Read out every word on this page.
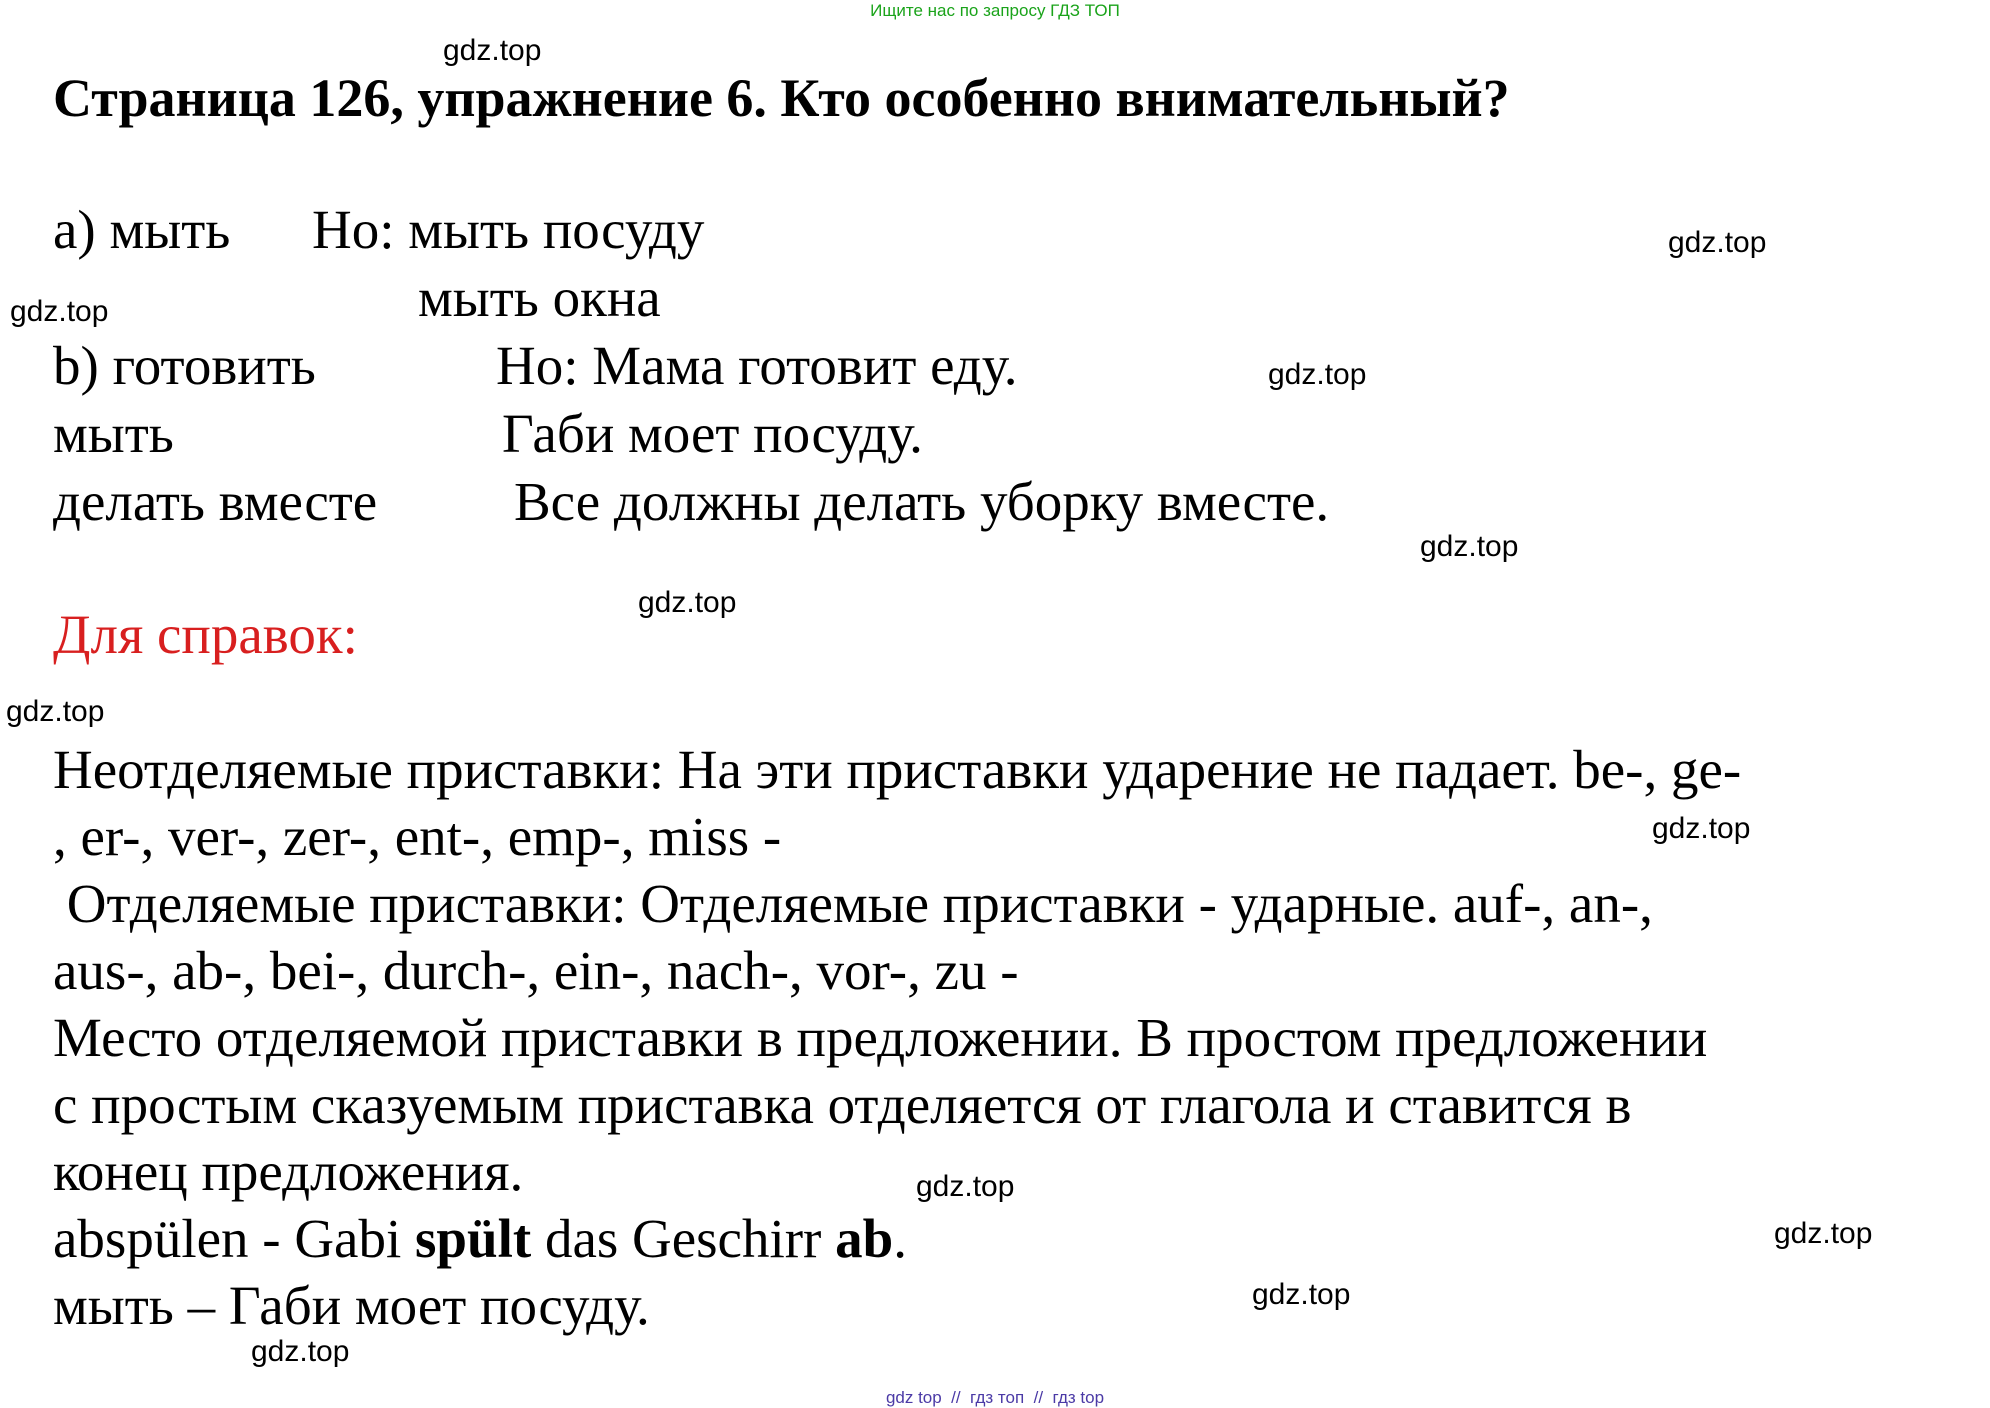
Ищите нас по запросу ГДЗ ТОП
Страница 126, упражнение 6. Кто особенно внимательный?
a) мыть Но: мыть посуду
мыть окна
b) готовить	Но: Мама готовит еду.
мыть	Габи моет посуду.
делать вместе Все должны делать уборку вместе.
Для справок:
Неотделяемые приставки: На эти приставки ударение не падает. be-, ge-
, er-, ver-, zer-, ent-, emp-, miss -
Отделяемые приставки: Отделяемые приставки - ударные. auf-, an-,
aus-, ab-, bei-, durch-, ein-, nach-, vor-, zu -
Место отделяемой приставки в предложении. В простом предложении
с простым сказуемым приставка отделяется от глагола и ставится в
конец предложения.
abspülen - Gabi spült das Geschirr ab.
мыть – Габи моет посуду.
gdz.top
gdz.top
gdz.top
gdz.top
gdz.top
gdz.top
gdz.top
gdz.top
gdz.top
gdz.top
gdz.top
gdz.top
gdz top  //  гдз топ  //  гдз top
